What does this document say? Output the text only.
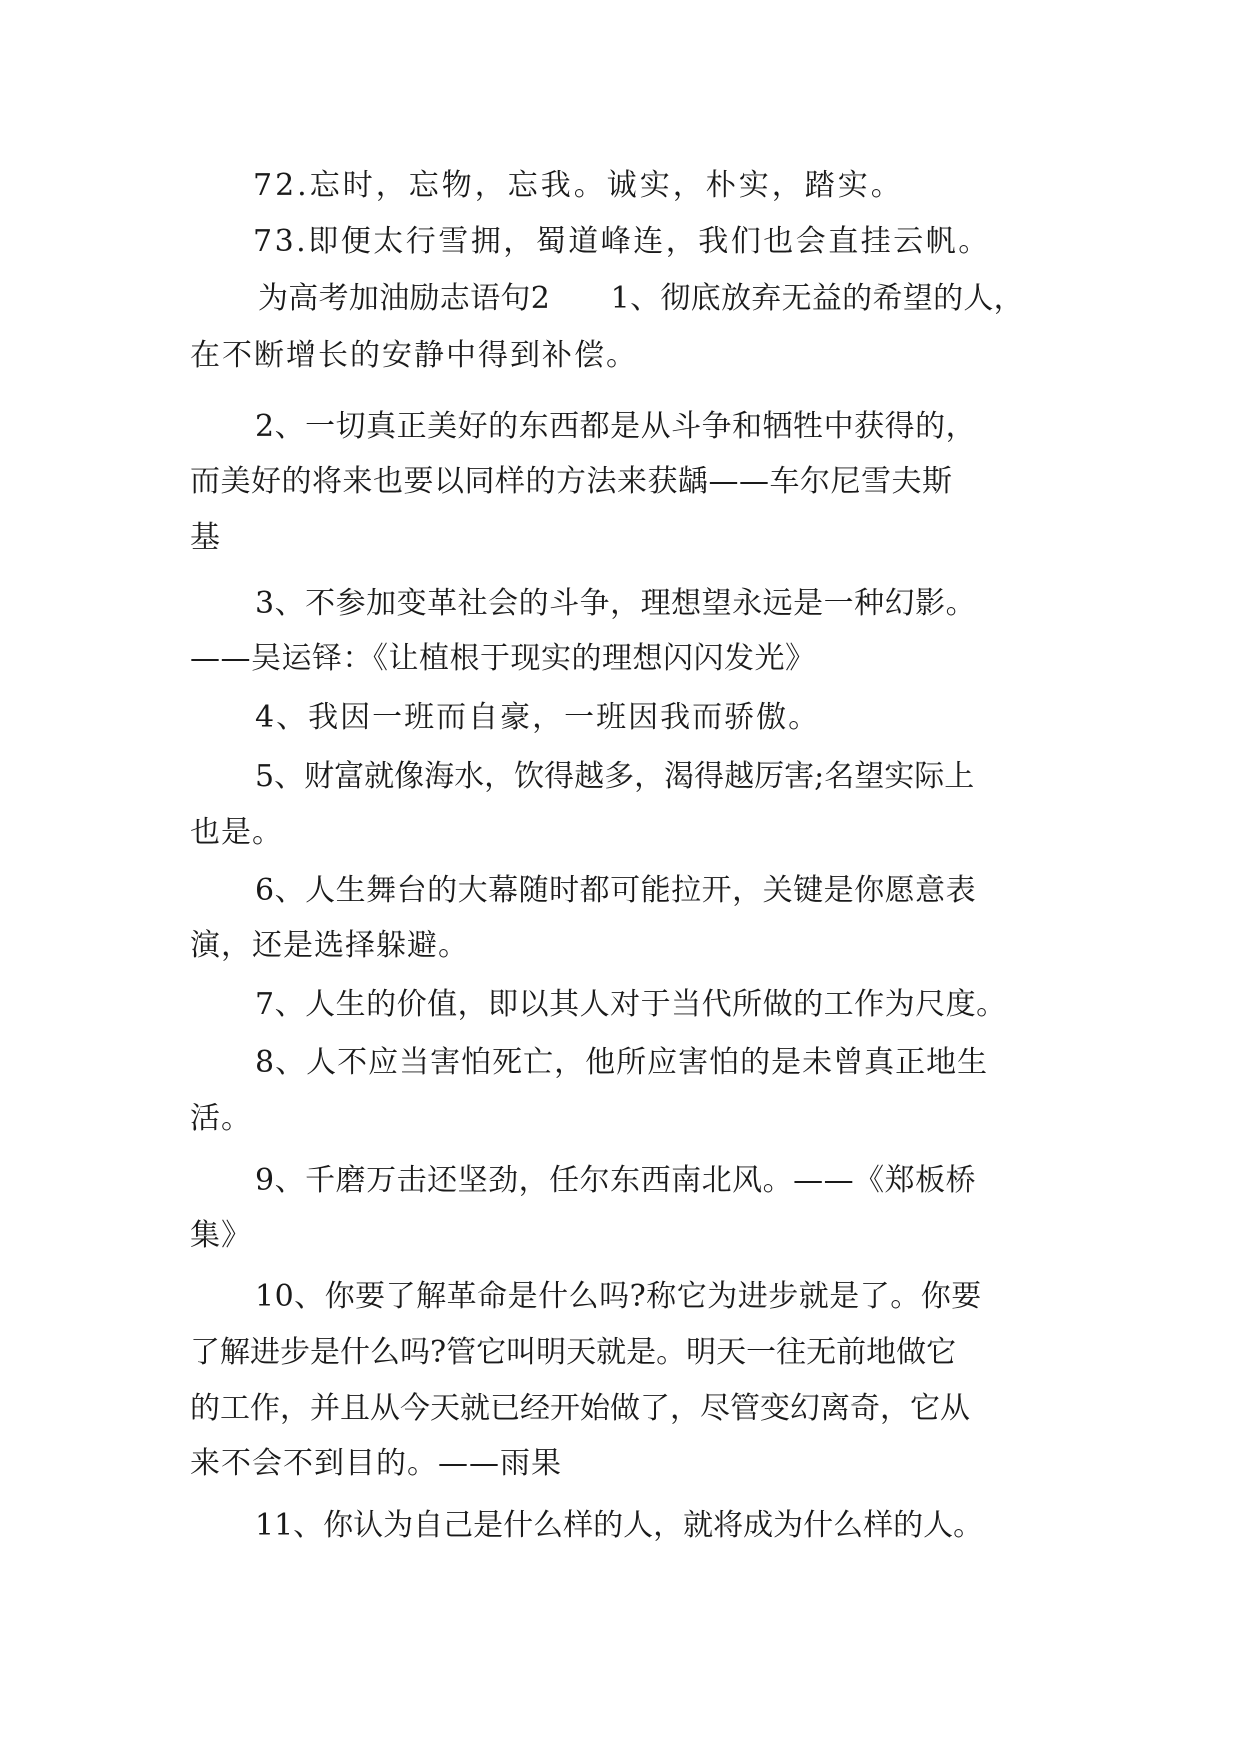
72.忘时，忘物，忘我。诚实，朴实，踏实。
73.即便太行雪拥，蜀道峰连，我们也会直挂云帆。
为高考加油励志语句2　　1、彻底放弃无益的希望的人，
在不断增长的安静中得到补偿。
2、一切真正美好的东西都是从斗争和牺牲中获得的，
而美好的将来也要以同样的方法来获龋——车尔尼雪夫斯
基
3、不参加变革社会的斗争，理想望永远是一种幻影。
——吴运铎：《让植根于现实的理想闪闪发光》
4、我因一班而自豪，一班因我而骄傲。
5、财富就像海水，饮得越多，渴得越厉害;名望实际上
也是。
6、人生舞台的大幕随时都可能拉开，关键是你愿意表
演，还是选择躲避。
7、人生的价值，即以其人对于当代所做的工作为尺度。
8、人不应当害怕死亡，他所应害怕的是未曾真正地生
活。
9、千磨万击还坚劲，任尔东西南北风。——《郑板桥
集》
10、你要了解革命是什么吗?称它为进步就是了。你要
了解进步是什么吗?管它叫明天就是。明天一往无前地做它
的工作，并且从今天就已经开始做了，尽管变幻离奇，它从
来不会不到目的。——雨果
11、你认为自己是什么样的人，就将成为什么样的人。
